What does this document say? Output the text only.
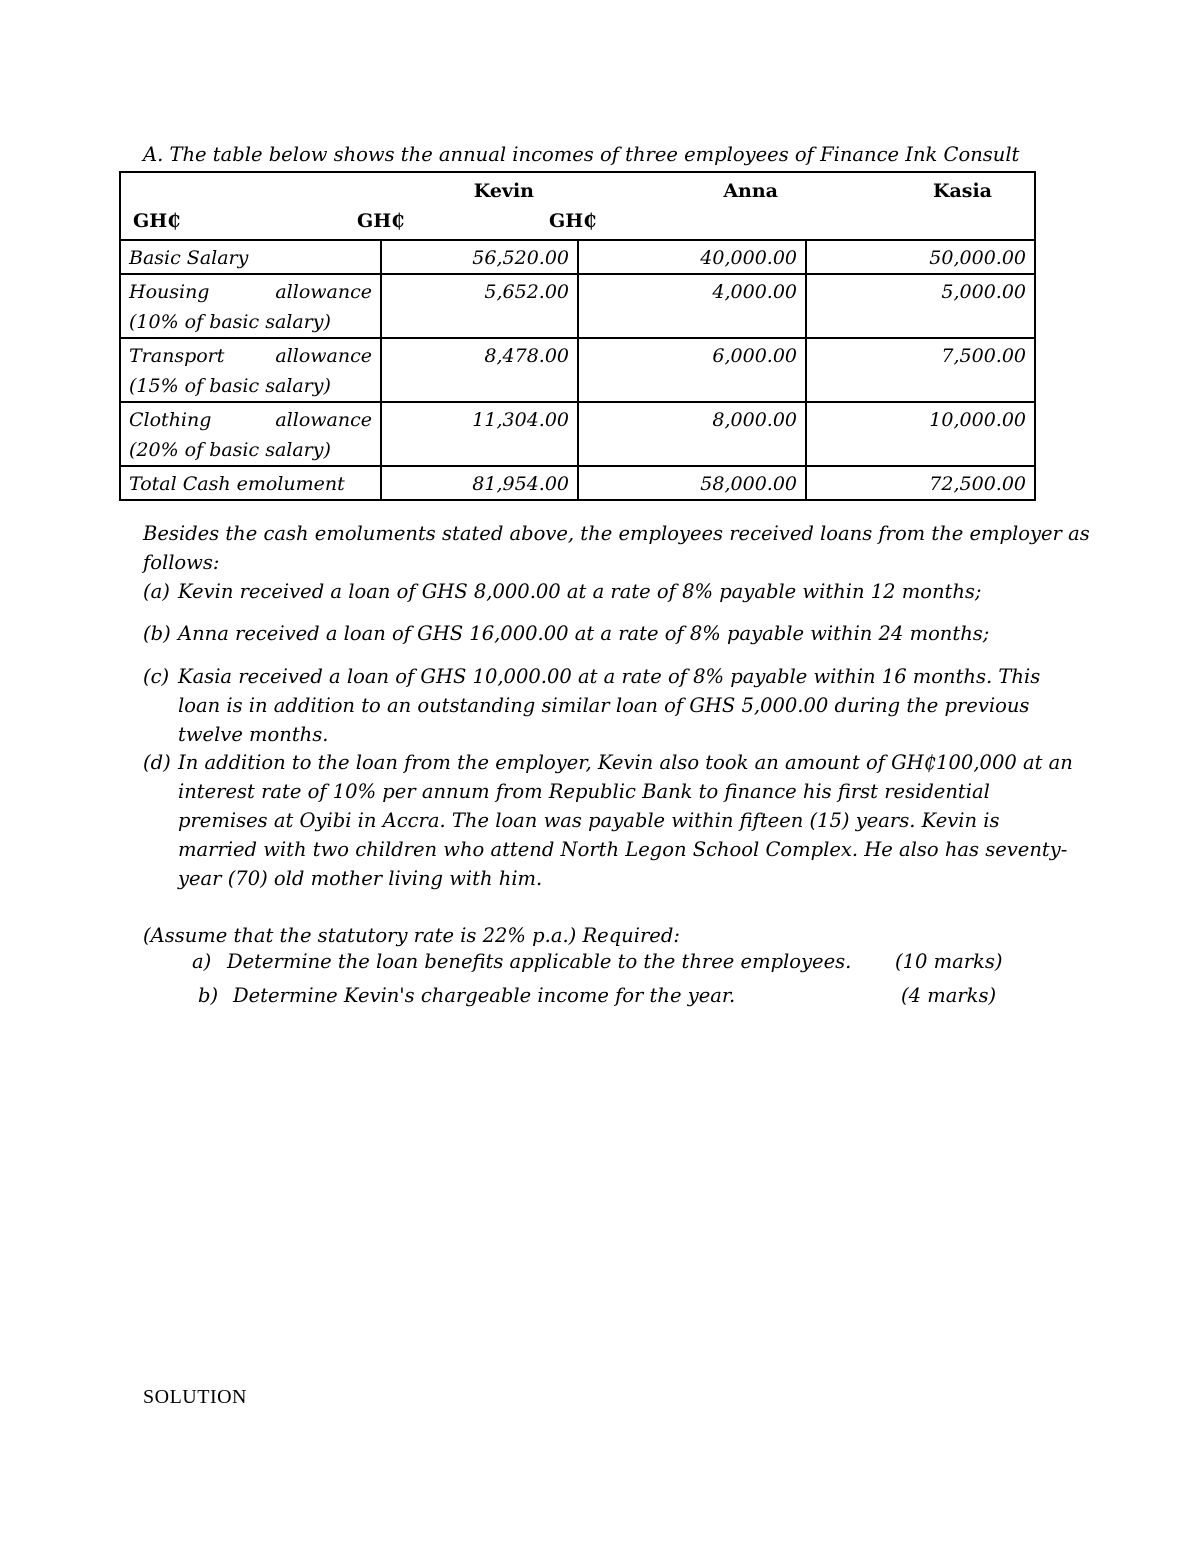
A. The table below shows the annual incomes of three employees of Finance Ink Consult
	Kevin	Anna	Kasia

GH₵ GH₵ GH₵			

Basic Salary	56,520.00	40,000.00	50,000.00

Housing allowance
(10% of basic salary)	5,652.00	4,000.00	5,000.00

Transport allowance
(15% of basic salary)	8,478.00	6,000.00	7,500.00

Clothing allowance
(20% of basic salary)	11,304.00	8,000.00	10,000.00
Total Cash emolument	81,954.00	58,000.00	72,500.00
Besides the cash emoluments stated above, the employees received loans from the employer as
follows:
(a) Kevin received a loan of GHS 8,000.00 at a rate of 8% payable within 12 months;
(b) Anna received a loan of GHS 16,000.00 at a rate of 8% payable within 24 months;
(c) Kasia received a loan of GHS 10,000.00 at a rate of 8% payable within 16 months. This
loan is in addition to an outstanding similar loan of GHS 5,000.00 during the previous
twelve months.
(d) In addition to the loan from the employer, Kevin also took an amount of GH₵100,000 at an
interest rate of 10% per annum from Republic Bank to finance his first residential
premises at Oyibi in Accra. The loan was payable within fifteen (15) years. Kevin is
married with two children who attend North Legon School Complex. He also has seventy-
year (70) old mother living with him.
(Assume that the statutory rate is 22% p.a.) Required:
a) Determine the loan benefits applicable to the three employees. (10 marks)
b) Determine Kevin's chargeable income for the year.	(4 marks)
SOLUTION
